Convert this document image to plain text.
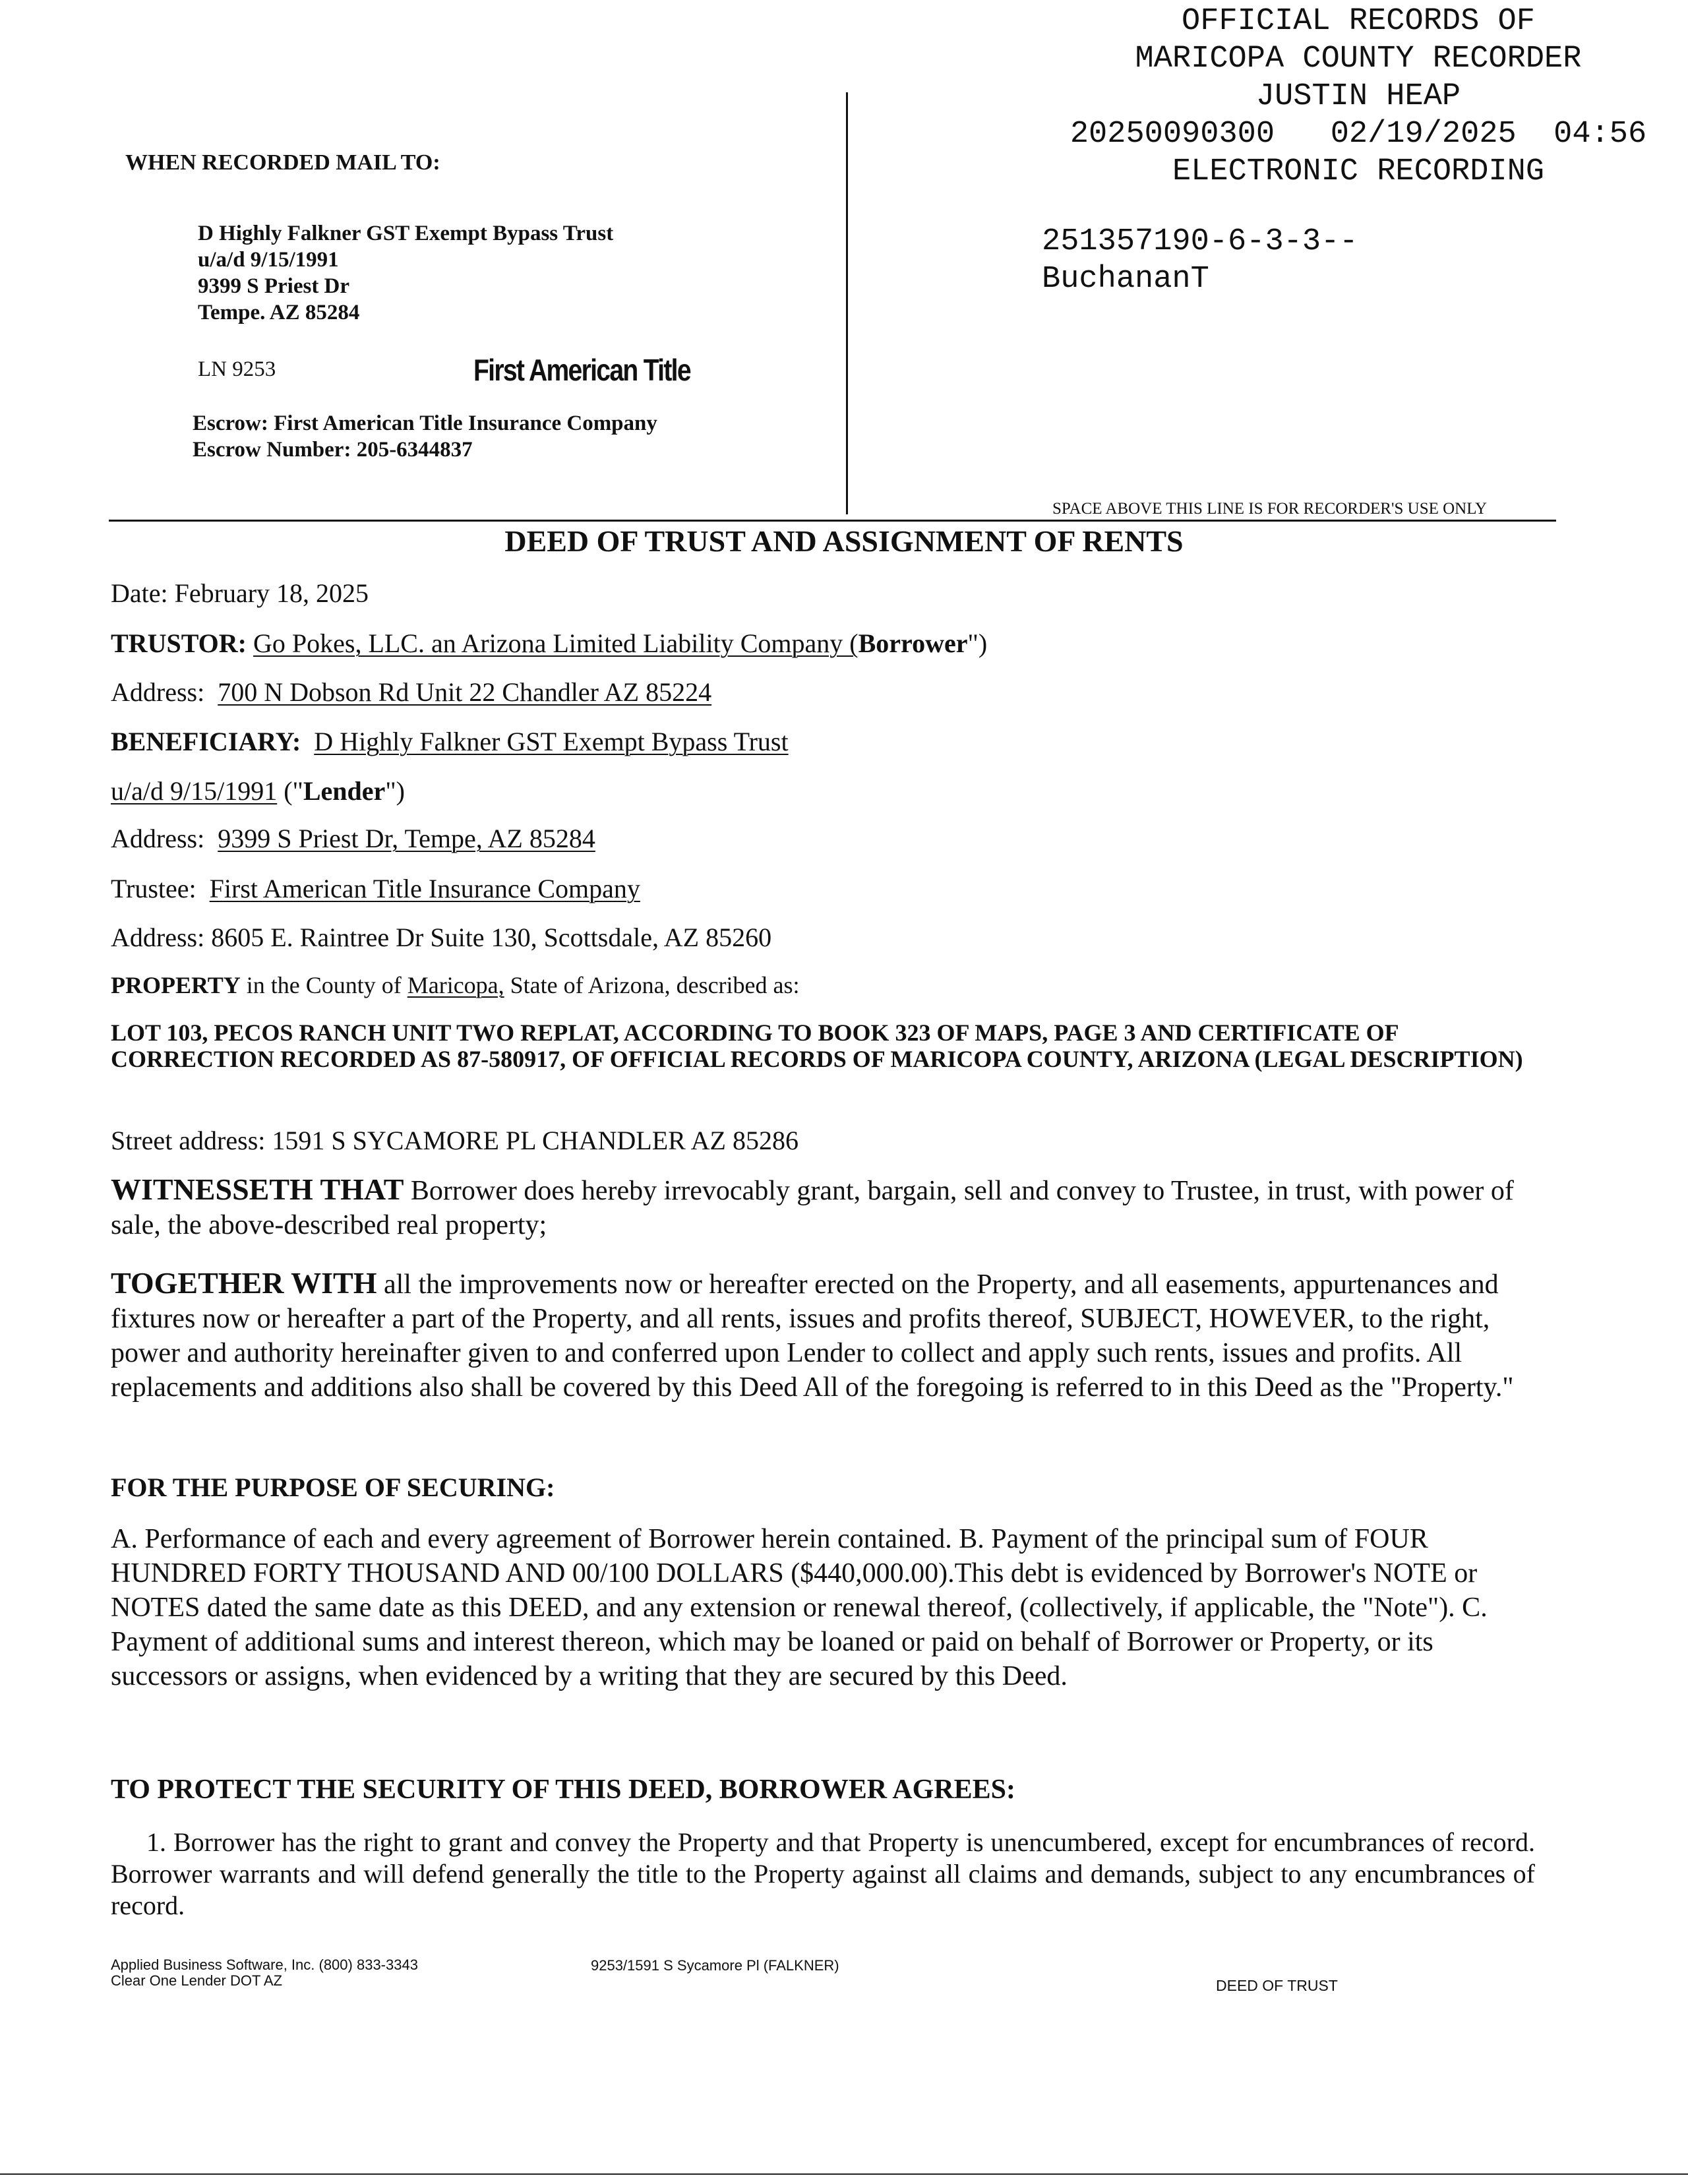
OFFICIAL RECORDS OF
MARICOPA COUNTY RECORDER
JUSTIN HEAP
20250090300   02/19/2025  04:56
ELECTRONIC RECORDING
251357190-6-3-3--
BuchananT
WHEN RECORDED MAIL TO:
D Highly Falkner GST Exempt Bypass Trust
u/a/d 9/15/1991
9399 S Priest Dr
Tempe. AZ 85284
LN 9253	First American Title
Escrow: First American Title Insurance Company
Escrow Number: 205-6344837
SPACE ABOVE THIS LINE IS FOR RECORDER'S USE ONLY
DEED OF TRUST AND ASSIGNMENT OF RENTS
Date: February 18, 2025
TRUSTOR: Go Pokes, LLC. an Arizona Limited Liability Company (Borrower")
Address: 700 N Dobson Rd Unit 22 Chandler AZ 85224
BENEFICIARY: D Highly Falkner GST Exempt Bypass Trust
u/a/d 9/15/1991 ("Lender")
Address: 9399 S Priest Dr, Tempe, AZ 85284
Trustee: First American Title Insurance Company
Address: 8605 E. Raintree Dr Suite 130, Scottsdale, AZ 85260
PROPERTY in the County of Maricopa, State of Arizona, described as:
LOT 103, PECOS RANCH UNIT TWO REPLAT, ACCORDING TO BOOK 323 OF MAPS, PAGE 3 AND CERTIFICATE OF CORRECTION RECORDED AS 87-580917, OF OFFICIAL RECORDS OF MARICOPA COUNTY, ARIZONA (LEGAL DESCRIPTION)
Street address: 1591 S SYCAMORE PL CHANDLER AZ 85286
WITNESSETH THAT Borrower does hereby irrevocably grant, bargain, sell and convey to Trustee, in trust, with power of sale, the above-described real property;
TOGETHER WITH all the improvements now or hereafter erected on the Property, and all easements, appurtenances and fixtures now or hereafter a part of the Property, and all rents, issues and profits thereof, SUBJECT, HOWEVER, to the right, power and authority hereinafter given to and conferred upon Lender to collect and apply such rents, issues and profits. All replacements and additions also shall be covered by this Deed All of the foregoing is referred to in this Deed as the "Property."
FOR THE PURPOSE OF SECURING:
A. Performance of each and every agreement of Borrower herein contained. B. Payment of the principal sum of FOUR HUNDRED FORTY THOUSAND AND 00/100 DOLLARS ($440,000.00).This debt is evidenced by Borrower's NOTE or NOTES dated the same date as this DEED, and any extension or renewal thereof, (collectively, if applicable, the "Note"). C. Payment of additional sums and interest thereon, which may be loaned or paid on behalf of Borrower or Property, or its successors or assigns, when evidenced by a writing that they are secured by this Deed.
TO PROTECT THE SECURITY OF THIS DEED, BORROWER AGREES:
1. Borrower has the right to grant and convey the Property and that Property is unencumbered, except for encumbrances of record. Borrower warrants and will defend generally the title to the Property against all claims and demands, subject to any encumbrances of record.
Applied Business Software, Inc. (800) 833-3343
Clear One Lender DOT AZ
9253/1591 S Sycamore Pl (FALKNER)
DEED OF TRUST
